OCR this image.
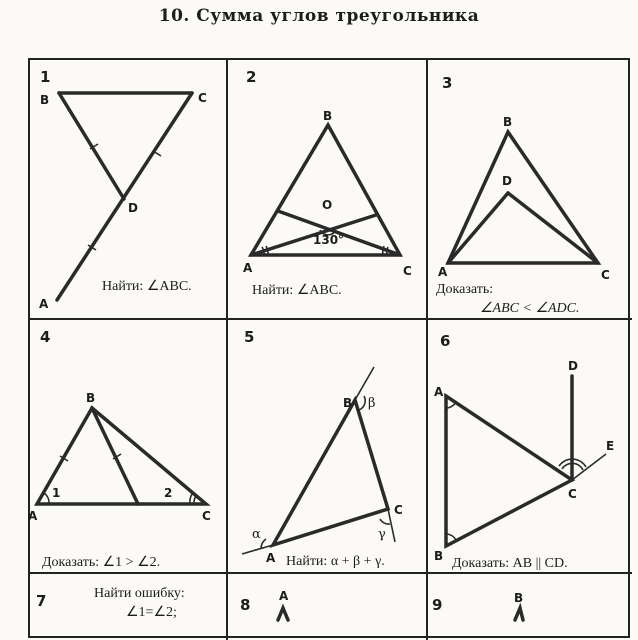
10. Сумма углов треугольника
1
B	C
D
A
Найти: ∠ABC.
2
B
O
130°
A	C
Найти: ∠ABC.
3
B
D
A	C
Доказать:
∠ABC < ∠ADC.
4
B
1	2
A	C
Доказать: ∠1 > ∠2.
5
B
C
A
β
α	γ
Найти: α + β + γ.
6
D
E
A
C
B Доказать: AB || CD.
7	Найти ошибку:
∠1=∠2;	8 A	9	B
